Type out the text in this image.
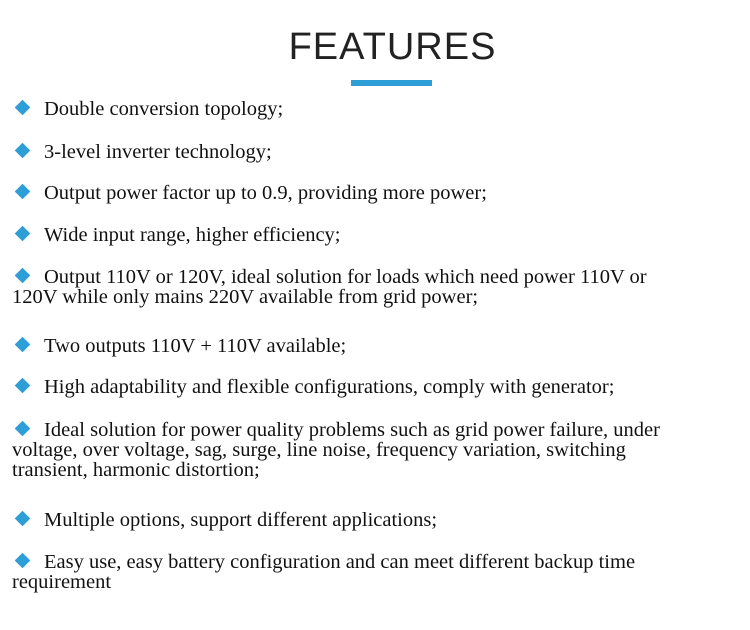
FEATURES
Double conversion topology;
3-level inverter technology;
Output power factor up to 0.9, providing more power;
Wide input range, higher efficiency;
Output 110V or 120V, ideal solution for loads which need power 110V or
120V while only mains 220V available from grid power;
Two outputs 110V + 110V available;
High adaptability and flexible configurations, comply with generator;
Ideal solution for power quality problems such as grid power failure, under
voltage, over voltage, sag, surge, line noise, frequency variation, switching
transient, harmonic distortion;
Multiple options, support different applications;
Easy use, easy battery configuration and can meet different backup time
requirement
